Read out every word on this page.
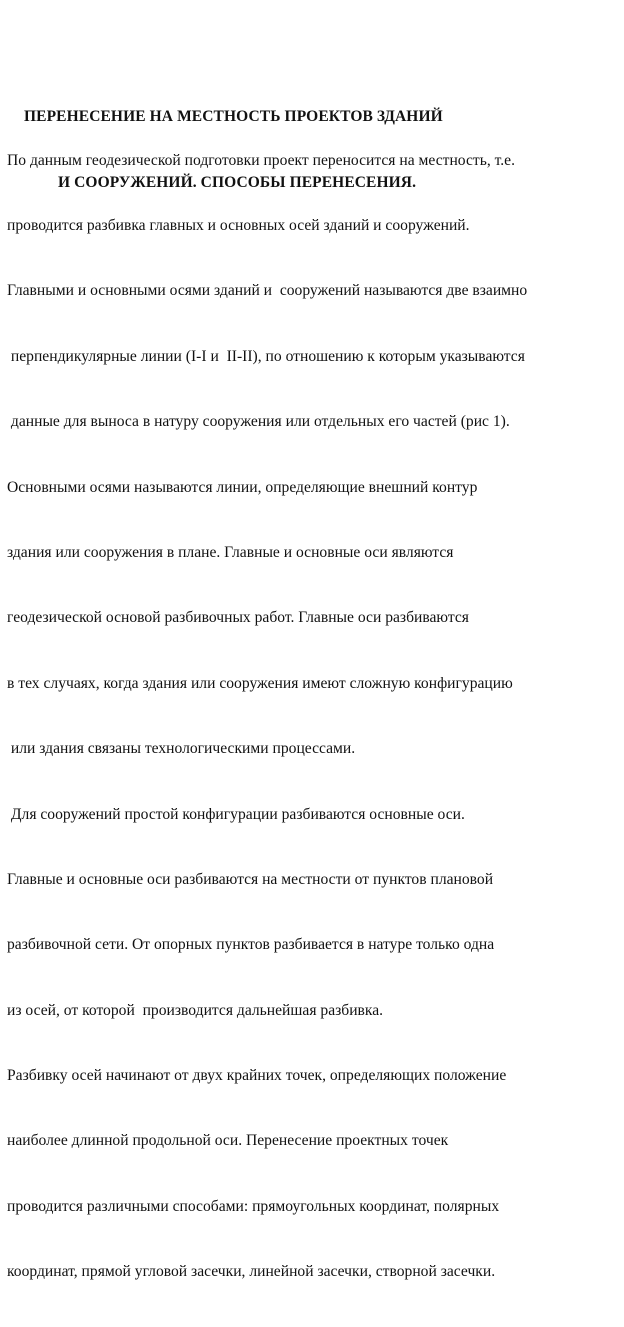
ПЕРЕНЕСЕНИЕ НА МЕСТНОСТЬ ПРОЕКТОВ ЗДАНИЙ

И СООРУЖЕНИЙ. СПОСОБЫ ПЕРЕНЕСЕНИЯ.

По данным геодезической подготовки проект переносится на местность, т.е.

проводится разбивка главных и основных осей зданий и сооружений.

Главными и основными осями зданий и  сооружений называются две взаимно

перпендикулярные линии (I-I и  II-II), по отношению к которым указываются

данные для выноса в натуру сооружения или отдельных его частей (рис 1).

Основными осями называются линии, определяющие внешний контур

здания или сооружения в плане. Главные и основные оси являются

геодезической основой разбивочных работ. Главные оси разбиваются

в тех случаях, когда здания или сооружения имеют сложную конфигурацию

или здания связаны технологическими процессами.

Для сооружений простой конфигурации разбиваются основные оси.

Главные и основные оси разбиваются на местности от пунктов плановой

разбивочной сети. От опорных пунктов разбивается в натуре только одна

из осей, от которой  производится дальнейшая разбивка.

Разбивку осей начинают от двух крайних точек, определяющих положение

наиболее длинной продольной оси. Перенесение проектных точек

проводится различными способами: прямоугольных координат, полярных

координат, прямой угловой засечки, линейной засечки, створной засечки.
